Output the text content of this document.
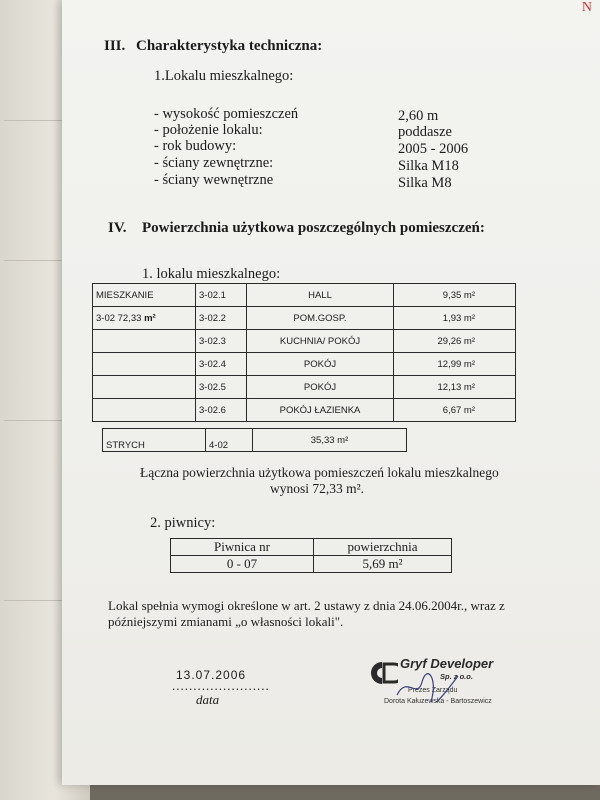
N
III. Charakterystyka techniczna:
1.Lokalu mieszkalnego:
- wysokość pomieszczeń	2,60 m
- położenie lokalu:	poddasze
- rok budowy:	2005 - 2006
- ściany zewnętrzne:	Silka M18
- ściany wewnętrzne	Silka M8
IV. Powierzchnia użytkowa poszczególnych pomieszczeń:
1. lokalu mieszkalnego:
MIESZKANIE	3-02.1	HALL	9,35 m²
3-02 72,33 m²	3-02.2	POM.GOSP.	1,93 m²
	3-02.3	KUCHNIA/ POKÓJ	29,26 m²
	3-02.4	POKÓJ	12,99 m²
	3-02.5	POKÓJ	12,13 m²
	3-02.6	POKÓJ ŁAZIENKA	6,67 m²
STRYCH	4-02	35,33 m²
Łączna powierzchnia użytkowa pomieszczeń lokalu mieszkalnego
wynosi 72,33 m².
2. piwnicy:
Piwnica nr	powierzchnia
0 - 07	5,69 m²
Lokal spełnia wymogi określone w art. 2 ustawy z dnia 24.06.2004r., wraz z
późniejszymi zmianami „o własności lokali".
13.07.2006
.......................
data
Gryf Developer
Sp. z o.o.
Prezes Zarządu
Dorota Kałuzewska - Bartoszewicz
